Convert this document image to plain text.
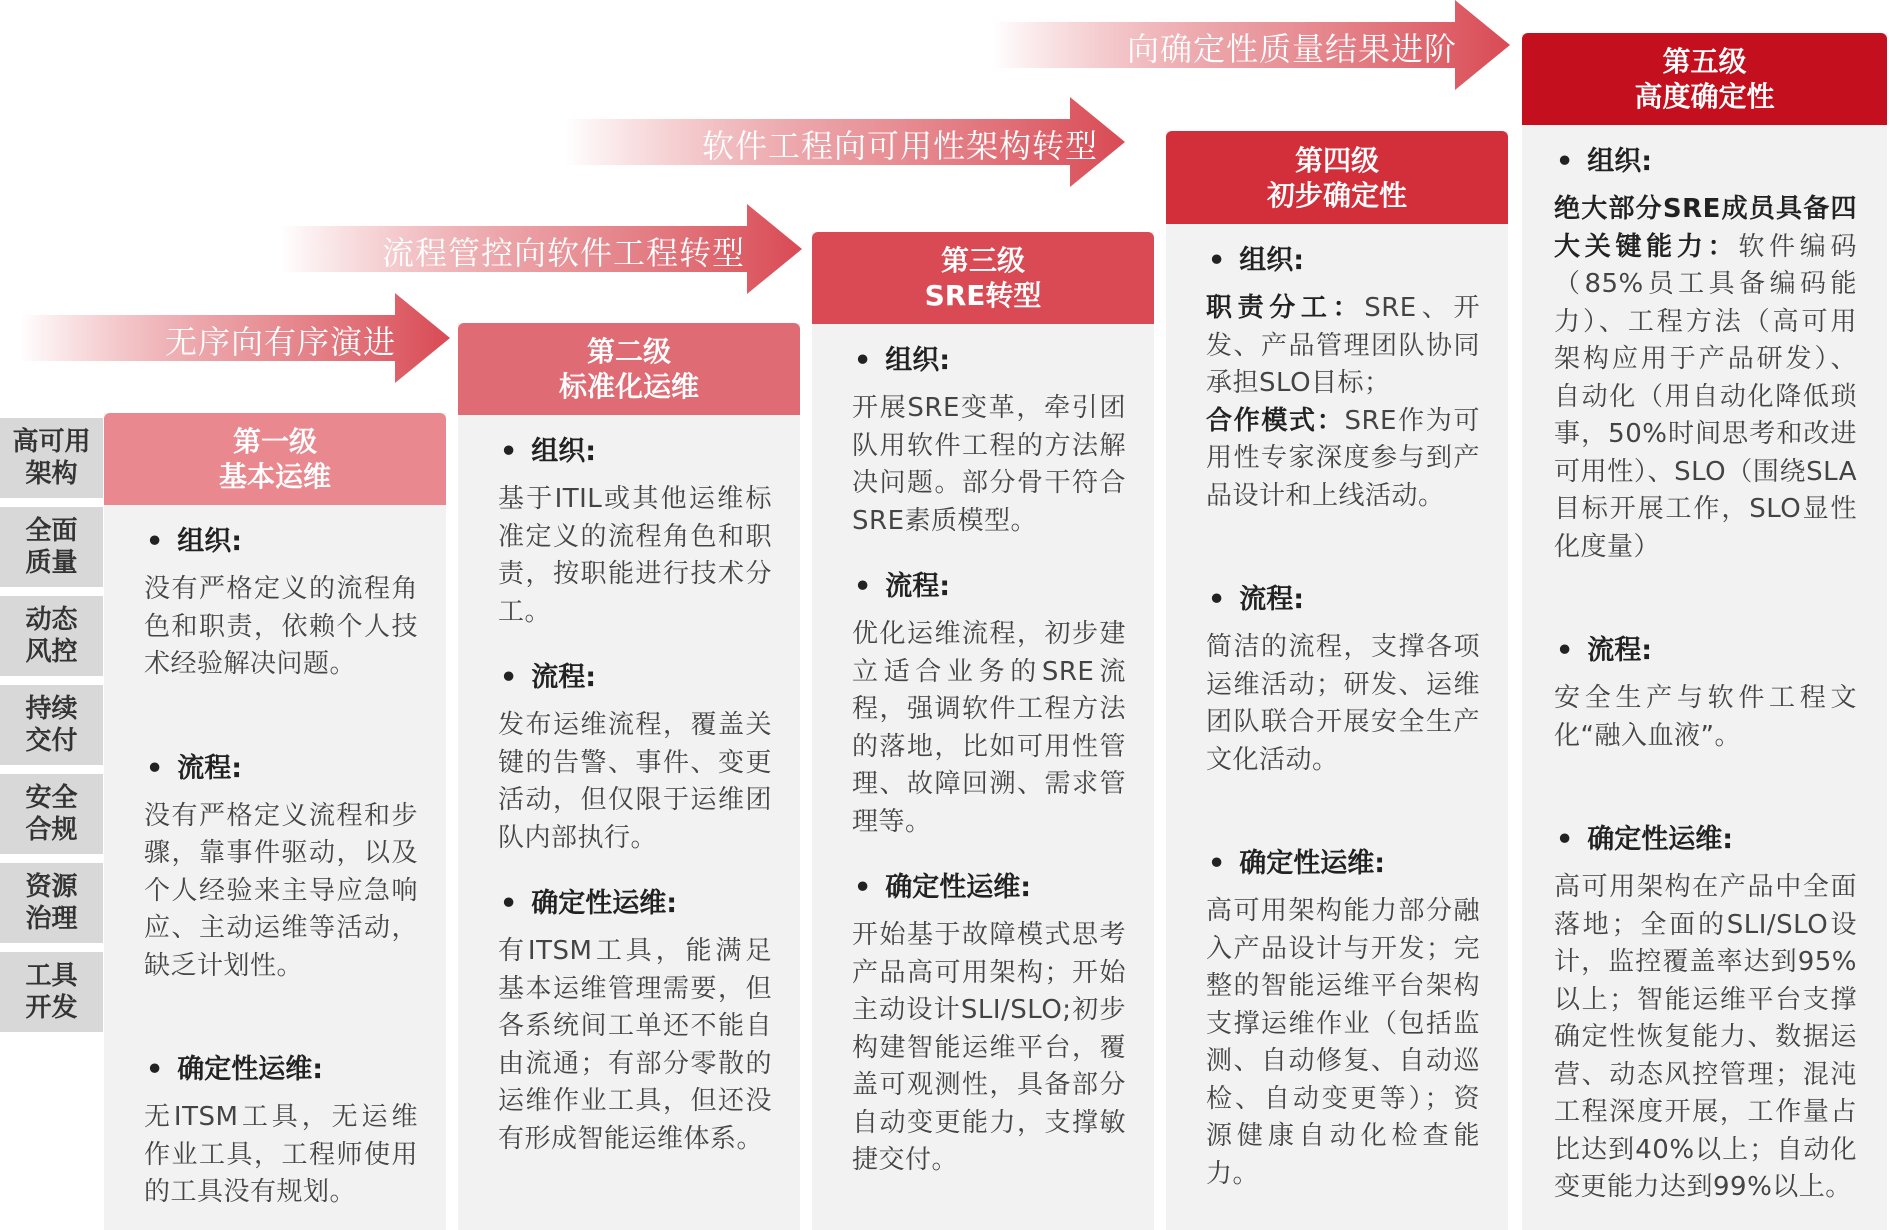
高可用
架构
全面
质量
动态
风控
持续
交付
安全
合规
资源
治理
工具
开发
无序向有序演进
流程管控向软件工程转型
软件工程向可用性架构转型
向确定性质量结果进阶
第一级
基本运维
• 组织:
没有严格定义的流程角色和职责，依赖个人技术经验解决问题。
• 流程:
没有严格定义流程和步骤，靠事件驱动，以及个人经验来主导应急响应、主动运维等活动，缺乏计划性。
• 确定性运维:
无ITSM工具，无运维作业工具，工程师使用的工具没有规划。
第二级
标准化运维
• 组织:
基于ITIL或其他运维标准定义的流程角色和职责，按职能进行技术分工。
• 流程:
发布运维流程，覆盖关键的告警、事件、变更活动，但仅限于运维团队内部执行。
• 确定性运维:
有ITSM工具，能满足基本运维管理需要，但各系统间工单还不能自由流通；有部分零散的运维作业工具，但还没有形成智能运维体系。
第三级
SRE转型
• 组织:
开展SRE变革，牵引团队用软件工程的方法解决问题。部分骨干符合SRE素质模型。
• 流程:
优化运维流程，初步建立适合业务的SRE流程，强调软件工程方法的落地，比如可用性管理、故障回溯、需求管理等。
• 确定性运维:
开始基于故障模式思考产品高可用架构；开始主动设计SLI/SLO;初步构建智能运维平台，覆盖可观测性，具备部分自动变更能力，支撑敏捷交付。
第四级
初步确定性
• 组织:
职责分工：SRE、开发、产品管理团队协同承担SLO目标；
合作模式：SRE作为可用性专家深度参与到产品设计和上线活动。
• 流程:
简洁的流程，支撑各项运维活动；研发、运维团队联合开展安全生产文化活动。
• 确定性运维:
高可用架构能力部分融入产品设计与开发；完整的智能运维平台架构支撑运维作业（包括监测、自动修复、自动巡检、自动变更等）；资源健康自动化检查能力。
第五级
高度确定性
• 组织:
绝大部分SRE成员具备四大关键能力：软件编码（85%员工具备编码能力）、工程方法（高可用架构应用于产品研发）、自动化（用自动化降低琐事，50%时间思考和改进可用性）、SLO（围绕SLA目标开展工作，SLO显性化度量）
• 流程:
安全生产与软件工程文化“融入血液”。
• 确定性运维:
高可用架构在产品中全面落地；全面的SLI/SLO设计，监控覆盖率达到95%以上；智能运维平台支撑确定性恢复能力、数据运营、动态风控管理；混沌工程深度开展，工作量占比达到40%以上；自动化变更能力达到99%以上。
